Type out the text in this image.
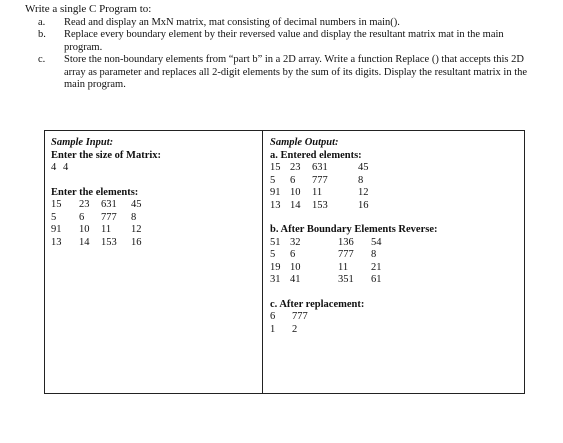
Write a single C Program to:

a. Read and display an MxN matrix, mat consisting of decimal numbers in main().

b. Replace every boundary element by their reversed value and display the resultant matrix mat in the main program.

c. Store the non-boundary elements from “part b” in a 2D array. Write a function Replace () that accepts this 2D array as parameter and replaces all 2-digit elements by the sum of its digits. Display the resultant matrix in the main program.

Sample Input:
Enter the size of Matrix:
4 4
Enter the elements:
15 23 631 45
5 6 777 8
91 10 11 12
13 14 153 16
Sample Output:
a. Entered elements:
15 23 631	45
5 6 777	8
91 10 11	12
13 14 153	16
b. After Boundary Elements Reverse:
51 32	136 54
5 6	777 8
19 10	11 21
31 41	351 61
c. After replacement:
6 777
1 2
